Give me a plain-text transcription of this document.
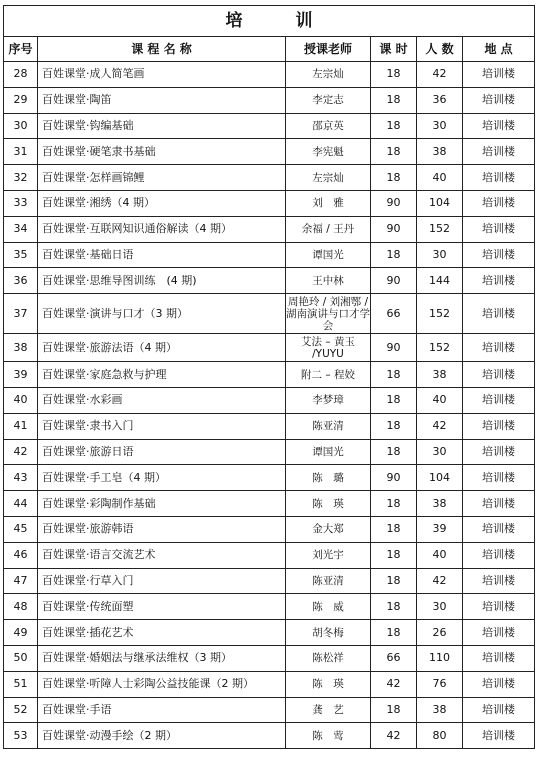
培　训					
序号	课 程 名 称	授课老师	课 时	人 数	地 点
28	百姓课堂·成人简笔画	左宗灿	18	42	培训楼
29	百姓课堂·陶笛	李定志	18	36	培训楼
30	百姓课堂·钩编基础	邵京英	18	30	培训楼
31	百姓课堂·硬笔隶书基础	李宪魁	18	38	培训楼
32	百姓课堂·怎样画锦鲤	左宗灿	18	40	培训楼
33	百姓课堂·湘绣（4 期）	刘　雅	90	104	培训楼
34	百姓课堂·互联网知识通俗解读（4 期）	余福 / 王丹	90	152	培训楼
35	百姓课堂·基础日语	谭国光	18	30	培训楼
36	百姓课堂·思维导图训练　(4 期)	王中林	90	144	培训楼
37	百姓课堂·演讲与口才（3 期）	周艳玲 / 刘湘鄂 / 湖南演讲与口才学会	66	152	培训楼
38	百姓课堂·旅游法语（4 期）	艾法 – 黄玉 /YUYU	90	152	培训楼
39	百姓课堂·家庭急救与护理	附二 – 程姣	18	38	培训楼
40	百姓课堂·水彩画	李梦璋	18	40	培训楼
41	百姓课堂·隶书入门	陈亚清	18	42	培训楼
42	百姓课堂·旅游日语	谭国光	18	30	培训楼
43	百姓课堂·手工皂（4 期）	陈　璐	90	104	培训楼
44	百姓课堂·彩陶制作基础	陈　瑛	18	38	培训楼
45	百姓课堂·旅游韩语	金大郑	18	39	培训楼
46	百姓课堂·语言交流艺术	刘光宇	18	40	培训楼
47	百姓课堂·行草入门	陈亚清	18	42	培训楼
48	百姓课堂·传统面塑	陈　威	18	30	培训楼
49	百姓课堂·插花艺术	胡冬梅	18	26	培训楼
50	百姓课堂·婚姻法与继承法维权（3 期）	陈松祥	66	110	培训楼
51	百姓课堂·听障人士彩陶公益技能课（2 期）	陈　瑛	42	76	培训楼
52	百姓课堂·手语	龚　艺	18	38	培训楼
53	百姓课堂·动漫手绘（2 期）	陈　莺	42	80	培训楼
